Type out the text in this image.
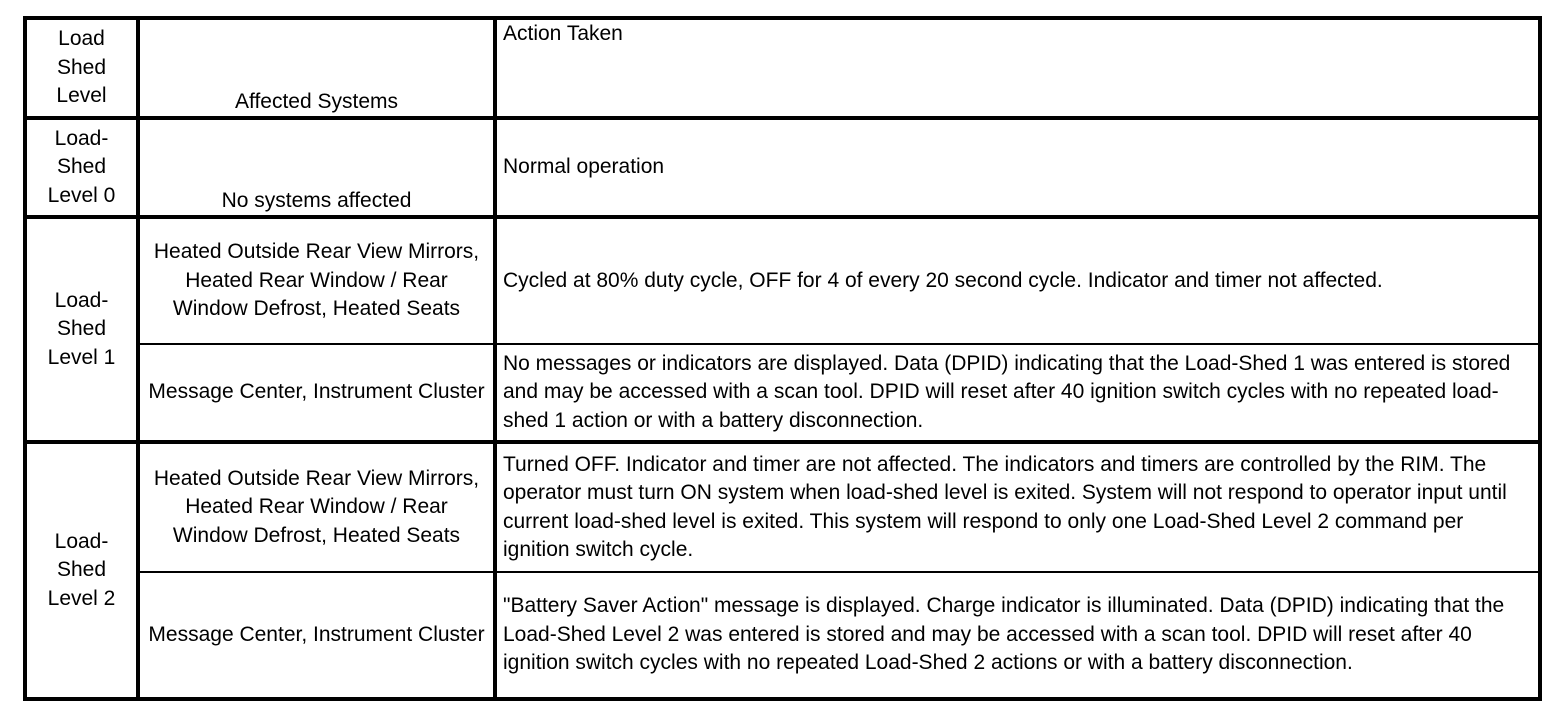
Load Shed Level	Affected Systems	Action Taken
Load-Shed Level 0	No systems affected	Normal operation
Load-Shed Level 1	Heated Outside Rear View Mirrors, Heated Rear Window / Rear Window Defrost, Heated Seats	Cycled at 80% duty cycle, OFF for 4 of every 20 second cycle. Indicator and timer not affected.
	Message Center, Instrument Cluster	No messages or indicators are displayed. Data (DPID) indicating that the Load-Shed 1 was entered is stored and may be accessed with a scan tool. DPID will reset after 40 ignition switch cycles with no repeated load-shed 1 action or with a battery disconnection.
Load-Shed Level 2	Heated Outside Rear View Mirrors, Heated Rear Window / Rear Window Defrost, Heated Seats	Turned OFF. Indicator and timer are not affected. The indicators and timers are controlled by the RIM. The operator must turn ON system when load-shed level is exited. System will not respond to operator input until current load-shed level is exited. This system will respond to only one Load-Shed Level 2 command per ignition switch cycle.
	Message Center, Instrument Cluster	"Battery Saver Action" message is displayed. Charge indicator is illuminated. Data (DPID) indicating that the Load-Shed Level 2 was entered is stored and may be accessed with a scan tool. DPID will reset after 40 ignition switch cycles with no repeated Load-Shed 2 actions or with a battery disconnection.
